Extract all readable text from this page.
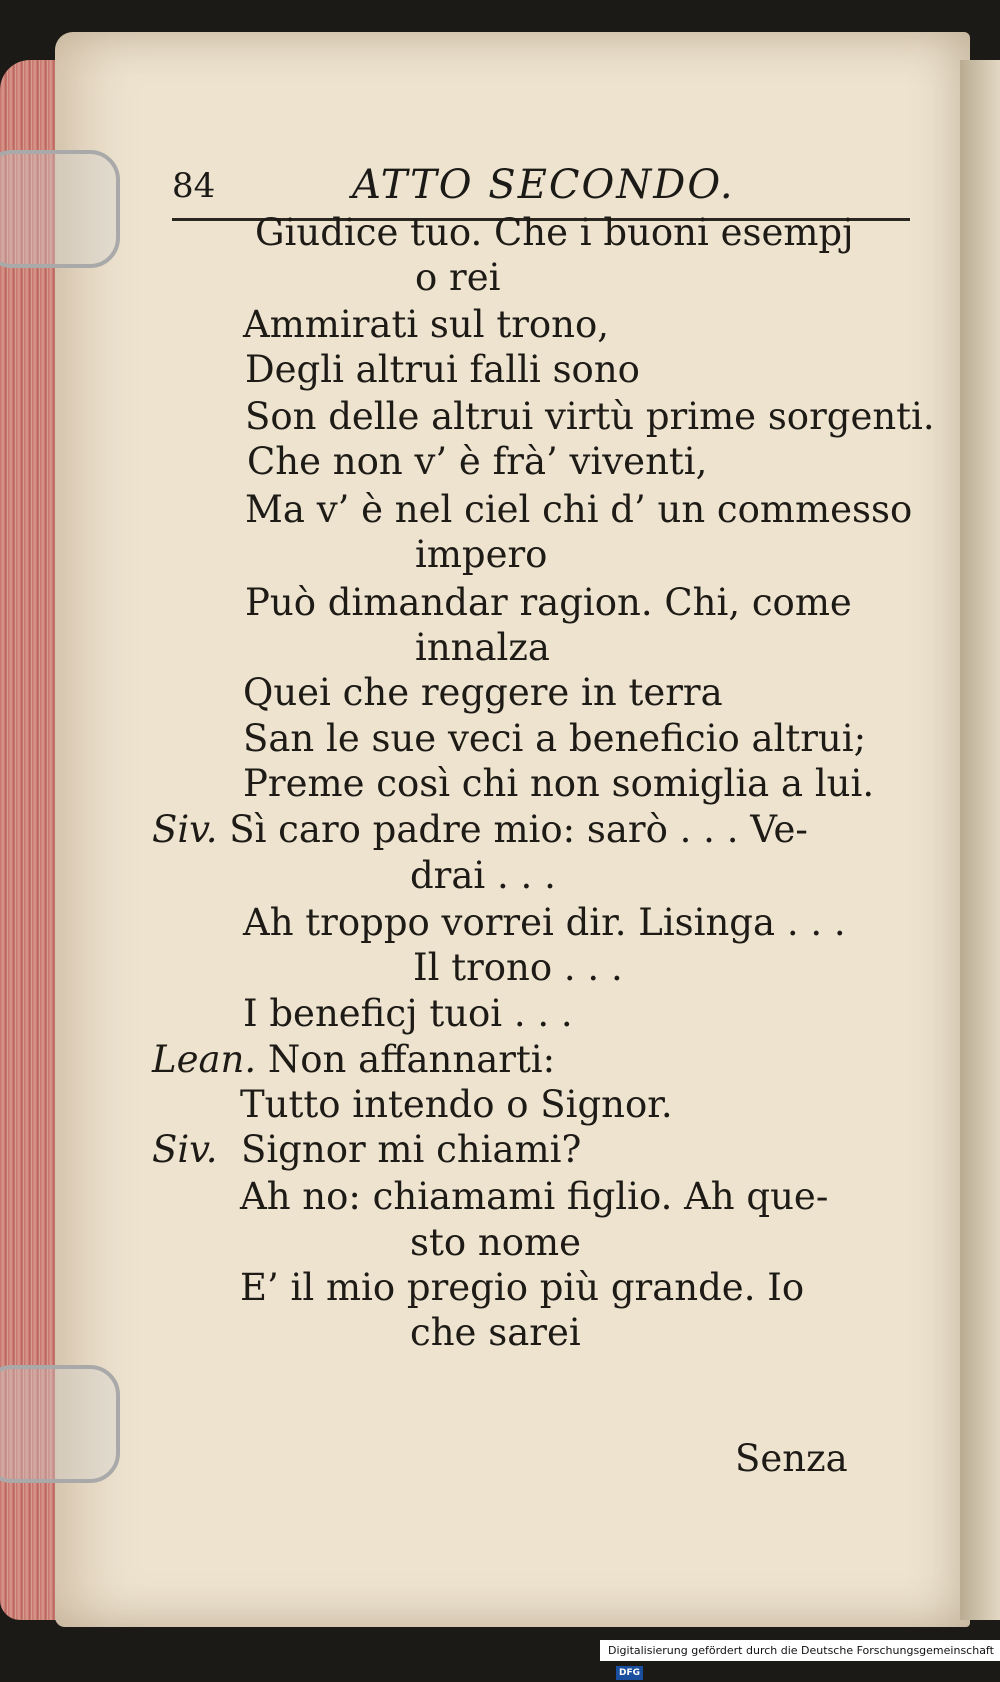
84	ATTO SECONDO.
Giudice tuo. Che i buoni esempj
o rei
Ammirati sul trono,
Degli altrui falli sono
Son delle altrui virtù prime sorgenti.
Che non v’ è frà’ viventi,
Ma v’ è nel ciel chi d’ un commesso
impero
Può dimandar ragion. Chi, come
innalza
Quei che reggere in terra
San le sue veci a beneficio altrui;
Preme così chi non somiglia a lui.
Siv. Sì caro padre mio: sarò . . . Ve-
drai . . .
Ah troppo vorrei dir. Lisinga . . .
Il trono . . .
I beneficj tuoi . . .
Lean. Non affannarti:
Tutto intendo o Signor.
Siv. Signor mi chiami?
Ah no: chiamami figlio. Ah que-
sto nome
E’ il mio pregio più grande. Io
che sarei
Senza
Digitalisierung gefördert durch die Deutsche Forschungsgemeinschaft - DFG
